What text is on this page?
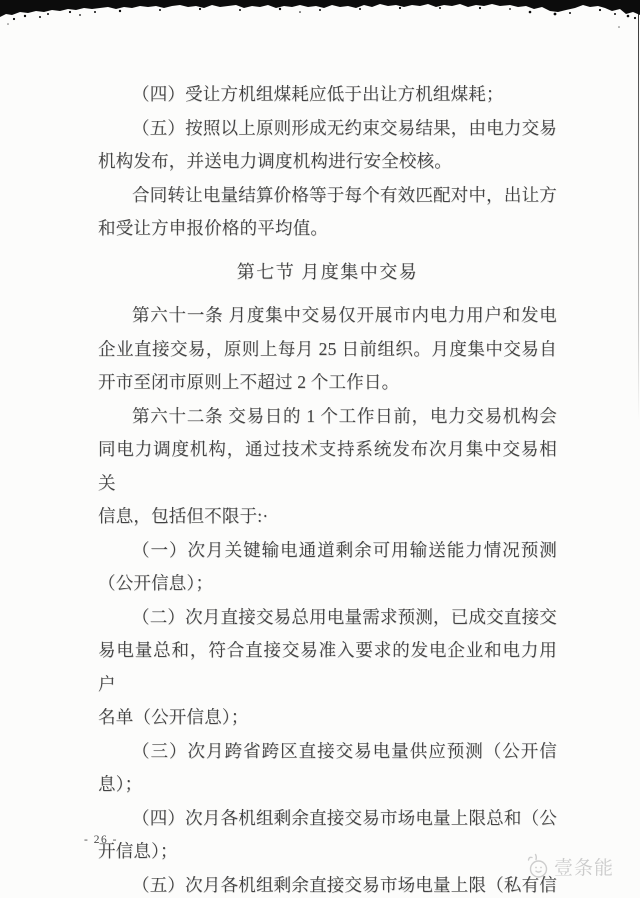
（四）受让方机组煤耗应低于出让方机组煤耗；
（五）按照以上原则形成无约束交易结果，由电力交易
机构发布，并送电力调度机构进行安全校核。
合同转让电量结算价格等于每个有效匹配对中，出让方
和受让方申报价格的平均值。
第七节 月度集中交易
第六十一条 月度集中交易仅开展市内电力用户和发电
企业直接交易，原则上每月 25 日前组织。月度集中交易自
开市至闭市原则上不超过 2 个工作日。
第六十二条 交易日的 1 个工作日前，电力交易机构会
同电力调度机构，通过技术支持系统发布次月集中交易相关
信息，包括但不限于:·
（一）次月关键输电通道剩余可用输送能力情况预测
（公开信息）；
（二）次月直接交易总用电量需求预测，已成交直接交
易电量总和，符合直接交易准入要求的发电企业和电力用户
名单（公开信息）；
（三）次月跨省跨区直接交易电量供应预测（公开信
息）；
（四）次月各机组剩余直接交易市场电量上限总和（公
开信息）；
（五）次月各机组剩余直接交易市场电量上限（私有信
- 26 -
壹条能
